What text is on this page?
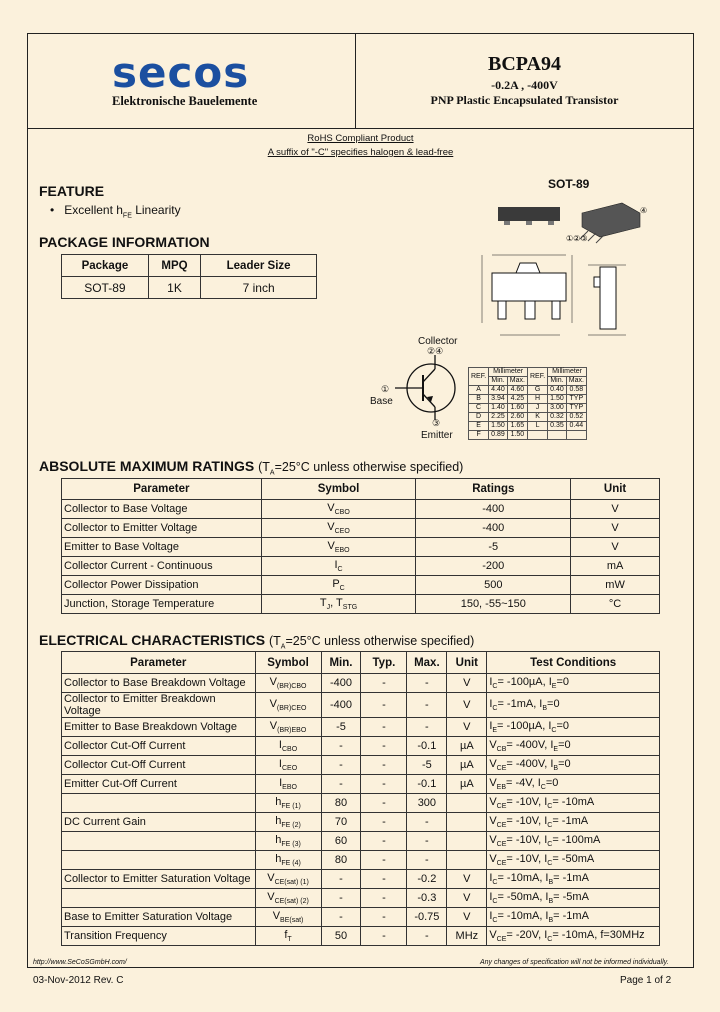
secos
Elektronische Bauelemente
BCPA94
-0.2A , -400V
PNP Plastic Encapsulated Transistor
RoHS Compliant Product
A suffix of "-C" specifies halogen & lead-free
FEATURE
• Excellent $h_{FE}$ Linearity
PACKAGE INFORMATION
Package	MPQ	Leader Size
SOT-89	1K	7 inch
SOT-89
④
①②③
Collector
②④
①
Base
③
Emitter
REF.	Millimeter		REF.	Millimeter	
	Min.	Max.		Min.	Max.
A	4.40	4.60	G	0.40	0.58
B	3.94	4.25	H	1.50	TYP
C	1.40	1.60	J	3.00	TYP
D	2.25	2.60	K	0.32	0.52
E	1.50	1.65	L	0.35	0.44
F	0.89	1.50			
ABSOLUTE MAXIMUM RATINGS ($T_A=25^\circ C$ unless otherwise specified)
Parameter	Symbol	Ratings	Unit
Collector to Base Voltage	$V_{CBO}$	-400	V
Collector to Emitter Voltage	$V_{CEO}$	-400	V
Emitter to Base Voltage	$V_{EBO}$	-5	V
Collector Current - Continuous	$I_C$	-200	mA
Collector Power Dissipation	$P_C$	500	mW
Junction, Storage Temperature	$T_J$, $T_{STG}$	150, -55~150	°C
ELECTRICAL CHARACTERISTICS ($T_A=25^\circ C$ unless otherwise specified)
Parameter	Symbol	Min.	Typ.	Max.	Unit	Test Conditions
Collector to Base Breakdown Voltage	$V_{(BR)CBO}$	-400	-	-	V	$I_C= -100\mu A$, $I_E=0$
Collector to Emitter Breakdown Voltage	$V_{(BR)CEO}$	-400	-	-	V	$I_C= -1mA$, $I_B=0$
Emitter to Base Breakdown Voltage	$V_{(BR)EBO}$	-5	-	-	V	$I_E= -100\mu A$, $I_C=0$
Collector Cut-Off Current	$I_{CBO}$	-	-	-0.1	µA	$V_{CB}= -400V$, $I_E=0$
Collector Cut-Off Current	$I_{CEO}$	-	-	-5	µA	$V_{CE}= -400V$, $I_B=0$
Emitter Cut-Off Current	$I_{EBO}$	-	-	-0.1	µA	$V_{EB}= -4V$, $I_C=0$
	$h_{FE (1)}$	80	-	300		$V_{CE}= -10V$, $I_C= -10mA$
DC Current Gain	$h_{FE (2)}$	70	-	-		$V_{CE}= -10V$, $I_C= -1mA$
	$h_{FE (3)}$	60	-	-		$V_{CE}= -10V$, $I_C= -100mA$
	$h_{FE (4)}$	80	-	-		$V_{CE}= -10V$, $I_C= -50mA$
Collector to Emitter Saturation Voltage	$V_{CE(sat) (1)}$	-	-	-0.2	V	$I_C= -10mA$, $I_B= -1mA$
	$V_{CE(sat) (2)}$	-	-	-0.3	V	$I_C= -50mA$, $I_B= -5mA$
Base to Emitter Saturation Voltage	$V_{BE(sat)}$	-	-	-0.75	V	$I_C= -10mA$, $I_B= -1mA$
Transition Frequency	$f_T$	50	-	-	MHz	$V_{CE}= -20V$, $I_C= -10mA$, f=30MHz
http://www.SeCoSGmbH.com/	Any changes of specification will not be informed individually.
03-Nov-2012 Rev. C	Page 1 of 2
